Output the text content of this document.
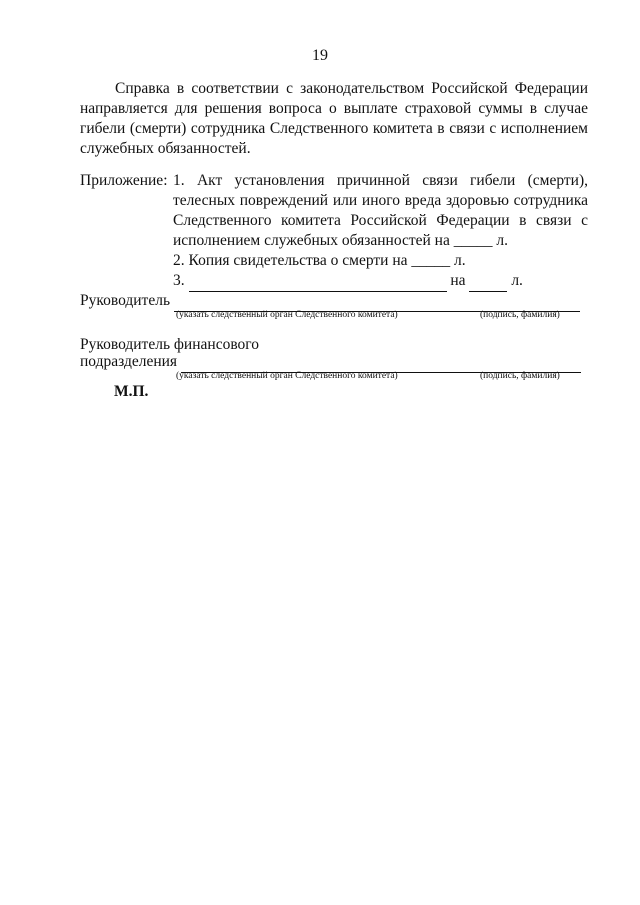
19
Справка в соответствии с законодательством Российской Федерации направляется для решения вопроса о выплате страховой суммы в случае гибели (смерти) сотрудника Следственного комитета в связи с исполнением служебных обязанностей.
Приложение: 1. Акт установления причинной связи гибели (смерти), телесных повреждений или иного вреда здоровью сотрудника Следственного комитета Российской Федерации в связи с исполнением служебных обязанностей на _____ л.
2. Копия свидетельства о смерти на _____ л.
3.	на	л.
Руководитель
(указать следственный орган Следственного комитета)	(подпись, фамилия)
Руководитель финансового
подразделения
(указать следственный орган Следственного комитета)	(подпись, фамилия)
М.П.
